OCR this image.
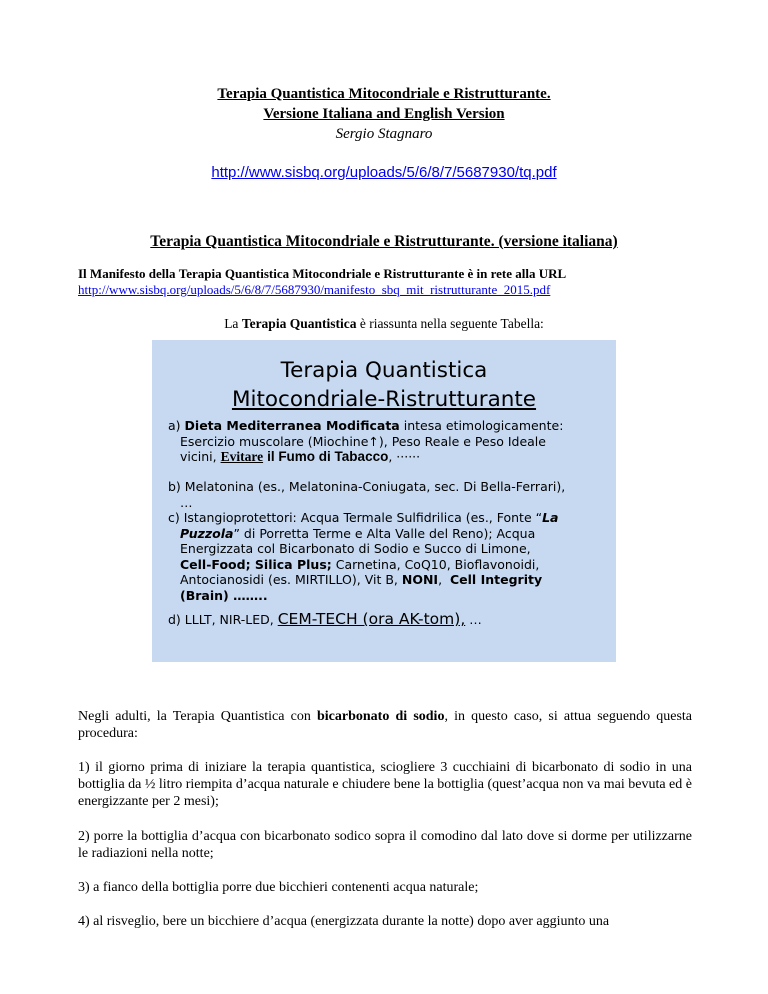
Terapia Quantistica Mitocondriale e Ristrutturante.
Versione Italiana and English Version
Sergio Stagnaro
http://www.sisbq.org/uploads/5/6/8/7/5687930/tq.pdf
Terapia Quantistica Mitocondriale e Ristrutturante. (versione italiana)
Il Manifesto della Terapia Quantistica Mitocondriale e Ristrutturante è in rete alla URL
http://www.sisbq.org/uploads/5/6/8/7/5687930/manifesto_sbq_mit_ristrutturante_2015.pdf
La Terapia Quantistica è riassunta nella seguente Tabella:
Terapia Quantistica
Mitocondriale-Ristrutturante
a) Dieta Mediterranea Modificata intesa etimologicamente:
Esercizio muscolare (Miochine↑), Peso Reale e Peso Ideale
vicini, Evitare il Fumo di Tabacco, ······
b) Melatonina (es., Melatonina-Coniugata, sec. Di Bella-Ferrari),
…
c) Istangioprotettori: Acqua Termale Sulfidrilica (es., Fonte “La
Puzzola” di Porretta Terme e Alta Valle del Reno); Acqua
Energizzata col Bicarbonato di Sodio e Succo di Limone,
Cell-Food; Silica Plus; Carnetina, CoQ10, Bioflavonoidi,
Antocianosidi (es. MIRTILLO), Vit B, NONI,  Cell Integrity
(Brain) ……..
d) LLLT, NIR-LED, CEM-TECH (ora AK-tom), …
Negli adulti, la Terapia Quantistica con bicarbonato di sodio, in questo caso, si attua seguendo questa procedura:
1) il giorno prima di iniziare la terapia quantistica, sciogliere 3 cucchiaini di bicarbonato di sodio in una bottiglia da ½ litro riempita d’acqua naturale e chiudere bene la bottiglia (quest’acqua non va mai bevuta ed è energizzante per 2 mesi);
2) porre la bottiglia d’acqua con bicarbonato sodico sopra il comodino dal lato dove si dorme per utilizzarne le radiazioni nella notte;
3) a fianco della bottiglia porre due bicchieri contenenti acqua naturale;
4) al risveglio, bere un bicchiere d’acqua (energizzata durante la notte) dopo aver aggiunto una
